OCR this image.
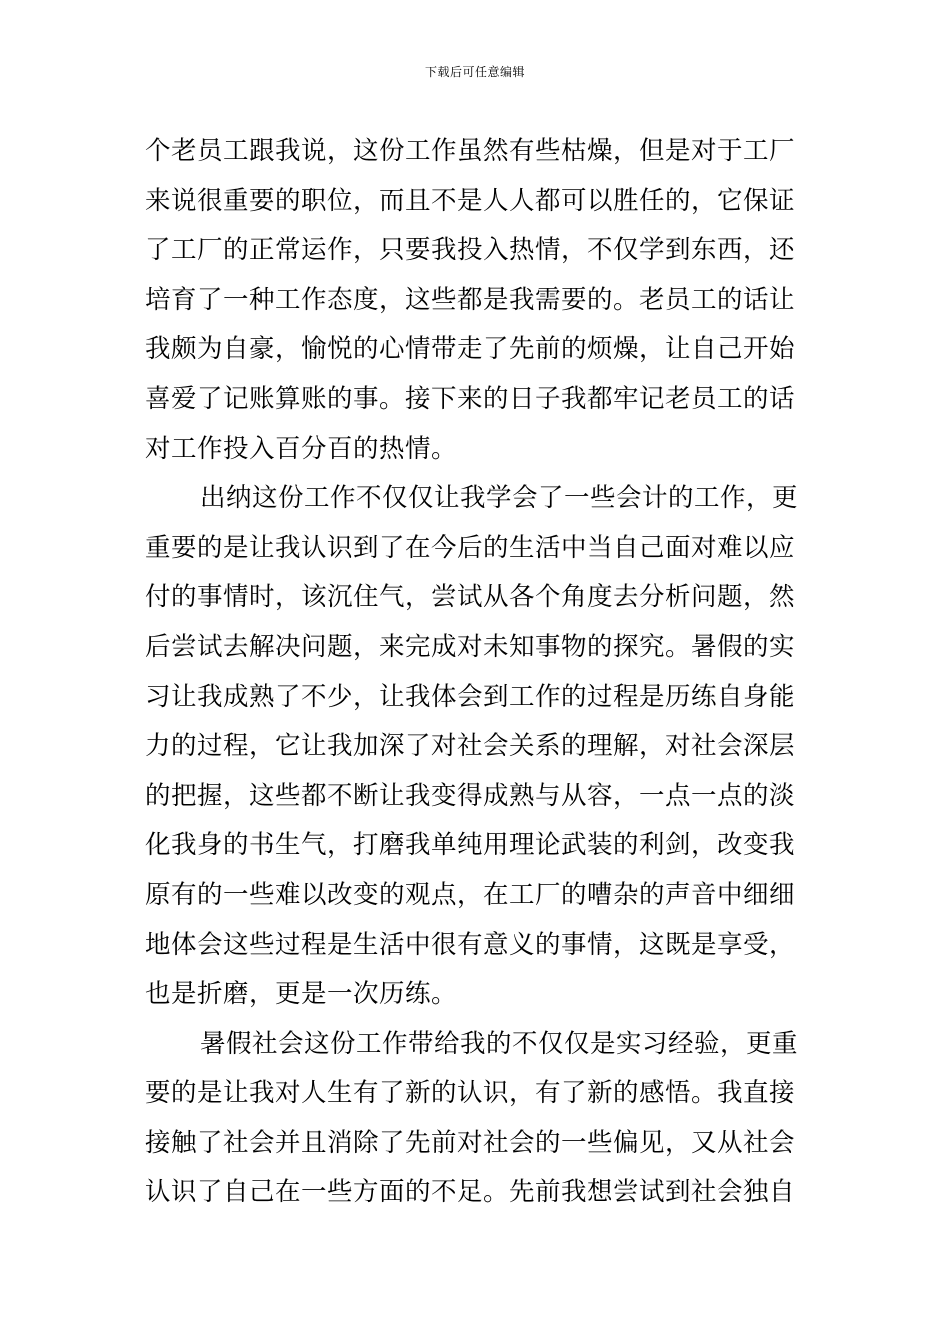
下载后可任意编辑
个老员工跟我说，这份工作虽然有些枯燥，但是对于工厂
来说很重要的职位，而且不是人人都可以胜任的，它保证
了工厂的正常运作，只要我投入热情，不仅学到东西，还
培育了一种工作态度，这些都是我需要的。老员工的话让
我颇为自豪，愉悦的心情带走了先前的烦燥，让自己开始
喜爱了记账算账的事。接下来的日子我都牢记老员工的话
对工作投入百分百的热情。
出纳这份工作不仅仅让我学会了一些会计的工作，更
重要的是让我认识到了在今后的生活中当自己面对难以应
付的事情时，该沉住气，尝试从各个角度去分析问题，然
后尝试去解决问题，来完成对未知事物的探究。暑假的实
习让我成熟了不少，让我体会到工作的过程是历练自身能
力的过程，它让我加深了对社会关系的理解，对社会深层
的把握，这些都不断让我变得成熟与从容，一点一点的淡
化我身的书生气，打磨我单纯用理论武装的利剑，改变我
原有的一些难以改变的观点，在工厂的嘈杂的声音中细细
地体会这些过程是生活中很有意义的事情，这既是享受，
也是折磨，更是一次历练。
暑假社会这份工作带给我的不仅仅是实习经验，更重
要的是让我对人生有了新的认识，有了新的感悟。我直接
接触了社会并且消除了先前对社会的一些偏见，又从社会
认识了自己在一些方面的不足。先前我想尝试到社会独自
